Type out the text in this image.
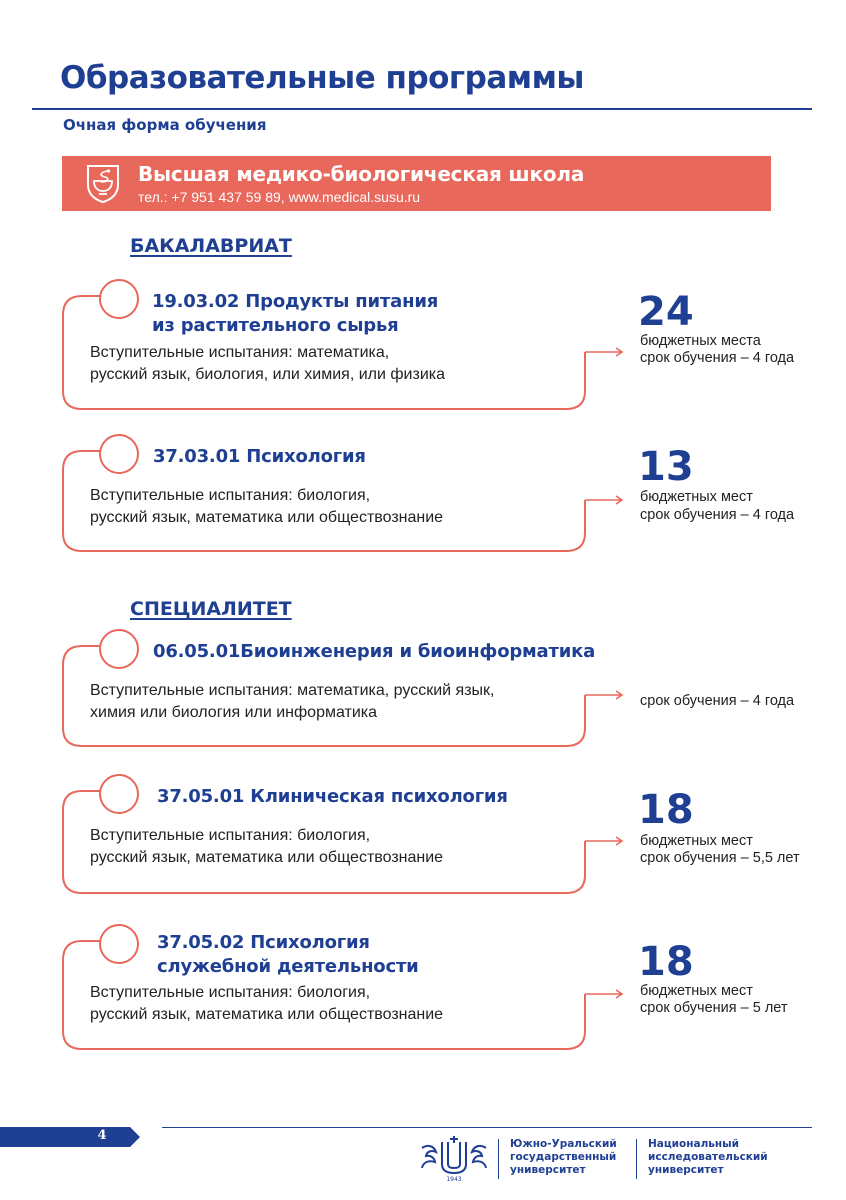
Образовательные программы
Очная форма обучения
Высшая медико-биологическая школа
тел.: +7 951 437 59 89, www.medical.susu.ru
БАКАЛАВРИАТ
СПЕЦИАЛИТЕТ
19.03.02 Продукты питания
из растительного сырья
Вступительные испытания: математика,
русский язык, биология, или химия, или физика
24
бюджетных места
срок обучения – 4 года
37.03.01 Психология
Вступительные испытания: биология,
русский язык, математика или обществознание
13
бюджетных мест
срок обучения – 4 года
06.05.01Биоинженерия и биоинформатика
Вступительные испытания: математика, русский язык,
химия или биология или информатика
срок обучения – 4 года
37.05.01 Клиническая психология
Вступительные испытания: биология,
русский язык, математика или обществознание
18
бюджетных мест
срок обучения – 5,5 лет
37.05.02 Психология
служебной деятельности
Вступительные испытания: биология,
русский язык, математика или обществознание
18
бюджетных мест
срок обучения – 5 лет
4
1943
Южно-Уральский
государственный
университет
Национальный
исследовательский
университет
